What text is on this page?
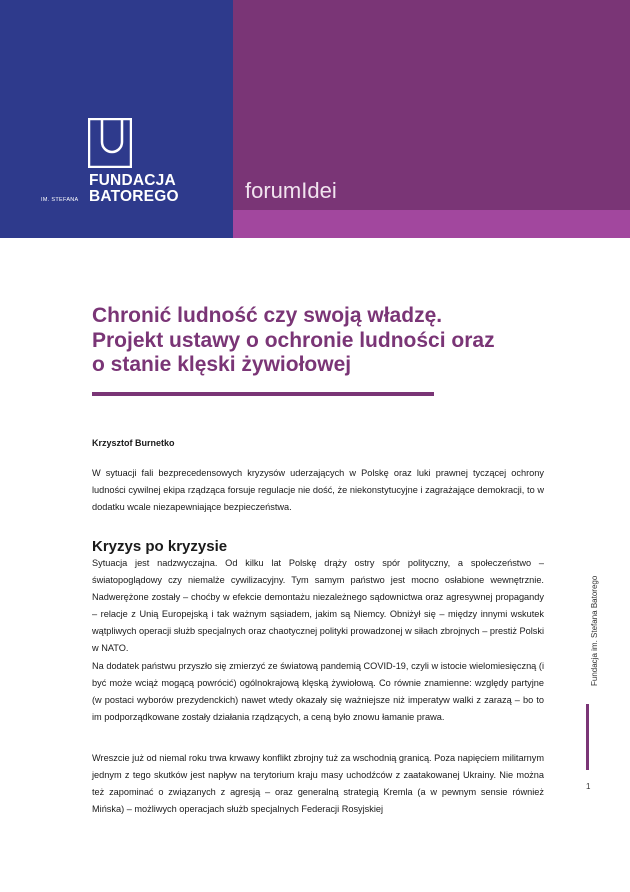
FUNDACJA
IM. STEFANA BATOREGO	forumIdei
Chronić ludność czy swoją władzę. Projekt ustawy o ochronie ludności oraz o stanie klęski żywiołowej
Krzysztof Burnetko

W sytuacji fali bezprecedensowych kryzysów uderzających w Polskę oraz luki prawnej tyczącej ochrony ludności cywilnej ekipa rządząca forsuje regulacje nie dość, że niekonstytucyjne i zagrażające demokracji, to w dodatku wcale niezapewniające bezpieczeństwa.

Kryzys po kryzysie

Sytuacja jest nadzwyczajna. Od kilku lat Polskę drąży ostry spór polityczny, a społeczeństwo – światopoglądowy czy niemalże cywilizacyjny. Tym samym państwo jest mocno osłabione wewnętrznie. Nadwerężone zostały – choćby w efekcie demontażu niezależnego sądownictwa oraz agresywnej propagandy – relacje z Unią Europejską i tak ważnym sąsiadem, jakim są Niemcy. Obniżył się – między innymi wskutek wątpliwych operacji służb specjalnych oraz chaotycznej polityki prowadzonej w siłach zbrojnych – prestiż Polski w NATO.

Na dodatek państwu przyszło się zmierzyć ze światową pandemią COVID-19, czyli w istocie wielomiesięczną (i być może wciąż mogącą powrócić) ogólnokrajową klęską żywiołową. Co równie znamienne: względy partyjne (w postaci wyborów prezydenckich) nawet wtedy okazały się ważniejsze niż imperatyw walki z zarazą – bo to im podporządkowane zostały działania rządzących, a ceną było znowu łamanie prawa.

Wreszcie już od niemal roku trwa krwawy konflikt zbrojny tuż za wschodnią granicą. Poza napięciem militarnym jednym z tego skutków jest napływ na terytorium kraju masy uchodźców z zaatakowanej Ukrainy. Nie można też zapominać o związanych z agresją – oraz generalną strategią Kremla (a w pewnym sensie również Mińska) – możliwych operacjach służb specjalnych Federacji Rosyjskiej

Fundacja im. Stefana Batorego
1
